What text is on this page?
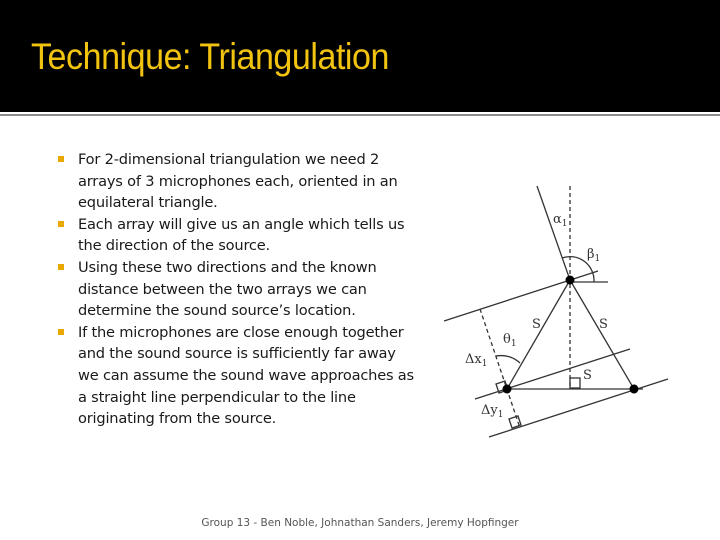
Technique: Triangulation
For 2-dimensional triangulation we need 2 arrays of 3 microphones each, oriented in an equilateral triangle.
Each array will give us an angle which tells us the direction of the source.
Using these two directions and the known distance between the two arrays we can determine the sound source’s location.
If the microphones are close enough together and the sound source is sufficiently far away we can assume the sound wave approaches as a straight line perpendicular to the line originating from the source.
$\alpha_1$
$\beta_1$
$\theta_1$
$\Delta x_1$
$\Delta y_1$
S	S
S
Group 13 - Ben Noble, Johnathan Sanders, Jeremy Hopfinger
